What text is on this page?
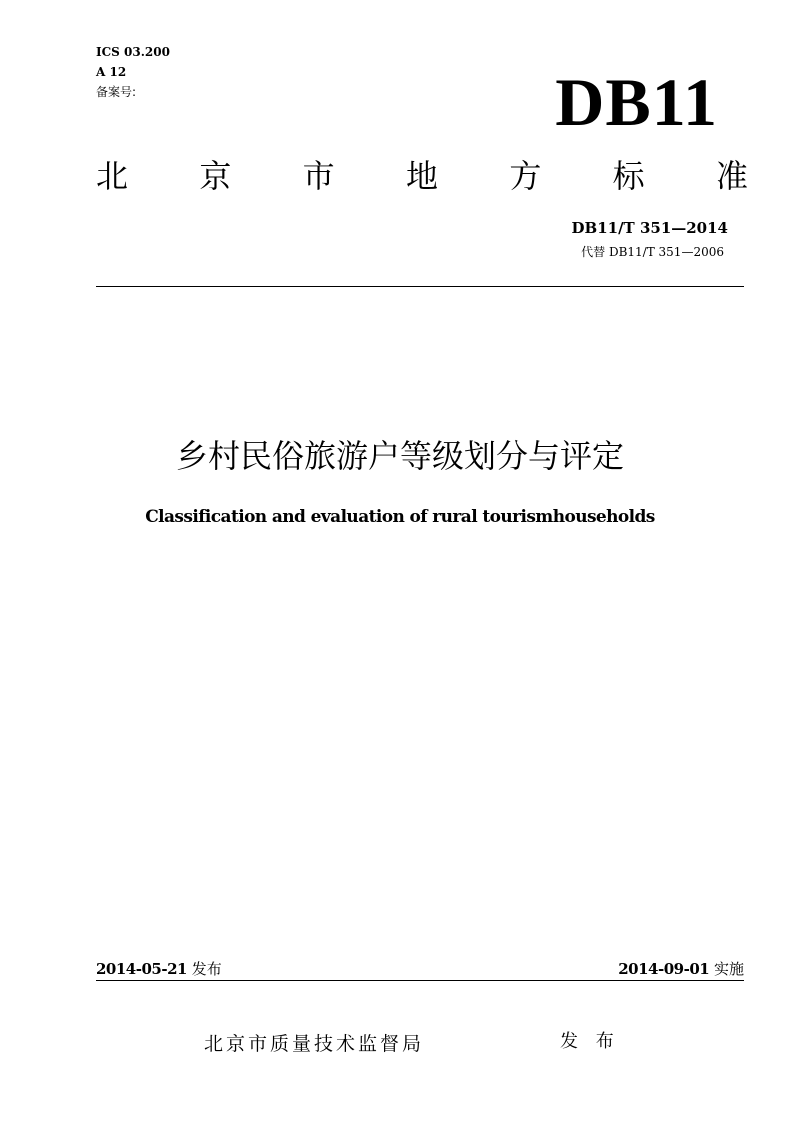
ICS 03.200
A 12
备案号:	DB11
北 京 市 地 方 标 准
DB11/T 351—2014
代替 DB11/T 351—2006
乡村民俗旅游户等级划分与评定
Classification and evaluation of rural tourismhouseholds
2014-05-21 发布	2014-09-01 实施
北京市质量技术监督局	发 布
